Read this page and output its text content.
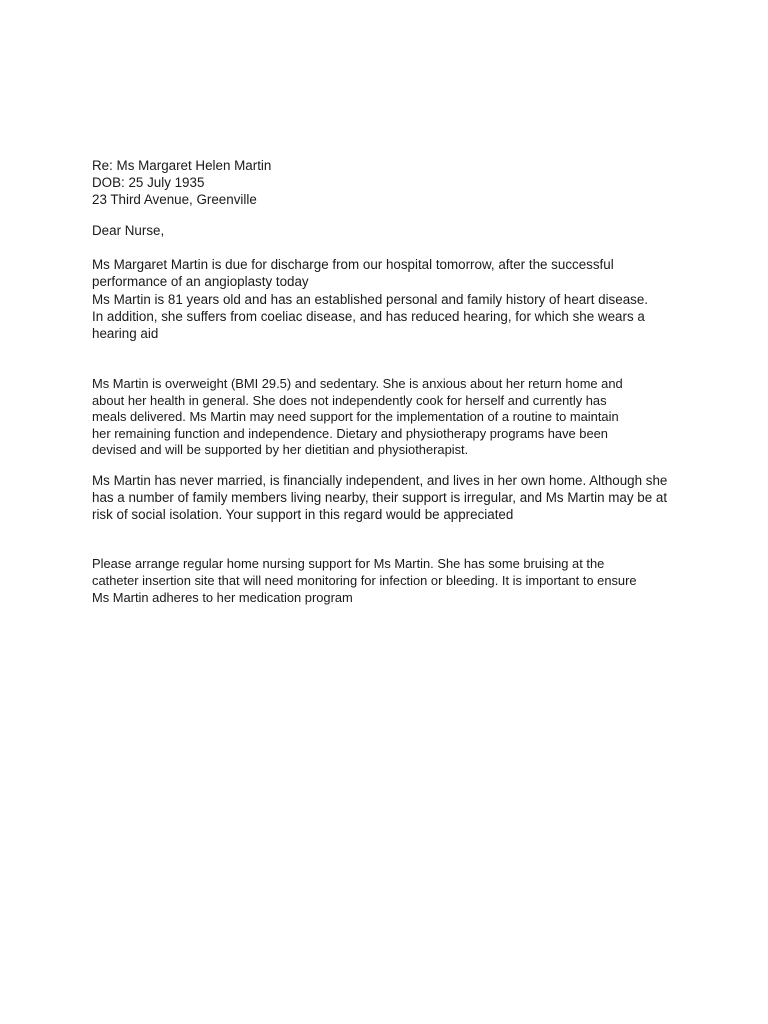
Re: Ms Margaret Helen Martin
DOB: 25 July 1935
23 Third Avenue, Greenville

Dear Nurse,

Ms Margaret Martin is due for discharge from our hospital tomorrow, after the successful performance of an angioplasty today

Ms Martin is 81 years old and has an established personal and family history of heart disease. In addition, she suffers from coeliac disease, and has reduced hearing, for which she wears a hearing aid

Ms Martin is overweight (BMI 29.5) and sedentary. She is anxious about her return home and about her health in general. She does not independently cook for herself and currently has meals delivered. Ms Martin may need support for the implementation of a routine to maintain her remaining function and independence. Dietary and physiotherapy programs have been devised and will be supported by her dietitian and physiotherapist.

Ms Martin has never married, is financially independent, and lives in her own home. Although she has a number of family members living nearby, their support is irregular, and Ms Martin may be at risk of social isolation. Your support in this regard would be appreciated

Please arrange regular home nursing support for Ms Martin. She has some bruising at the catheter insertion site that will need monitoring for infection or bleeding. It is important to ensure Ms Martin adheres to her medication program
